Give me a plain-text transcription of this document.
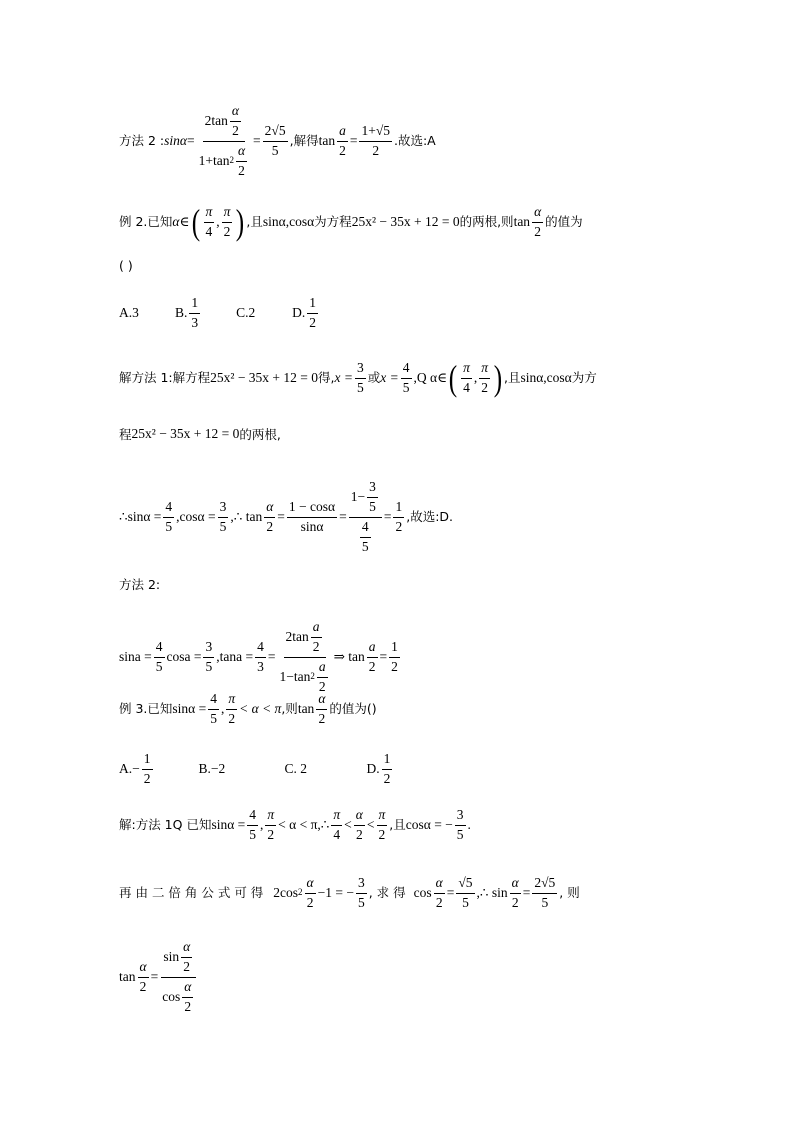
方法 2 : $\sin\alpha = \frac{2\tan \frac{\alpha}{2}}{1+\tan 2 \frac{\alpha}{2}} = \frac{2√5}{5}$ ,解得 $\tan \frac{a}{2} = \frac{1+√5}{2}$ .故选:A
例 2.已知 α∈ ( $\frac{\pi}{4}$ , $\frac{\pi}{2}$ ) ,且 sinα,cosα 为方程 25x² − 35x + 12 = 0 的两根,则 $\tan \frac{\alpha}{2}$ 的值为
( )
A.3	B. $\frac{1}{3}$	C.2	D. $\frac{1}{2}$
解方法 1:解方程 25x² − 35x + 12 = 0 得, $x = \frac{3}{5}$ 或 $x = \frac{4}{5} ,Q$ α∈ ( $\frac{\pi}{4}$ , $\frac{\pi}{2}$ ) ,且 sinα,cosα 为方
程 25x² − 35x + 12 = 0 的两根,
∴ $\sin\alpha = \frac{4}{5} ,\cos\alpha = \frac{3}{5}$ ,∴ $\tan \frac{\alpha}{2} = \frac{1 - \cos\alpha}{\sin\alpha} = \frac{1- \frac{3}{5}}{\frac{4}{5}} = \frac{1}{2}$ ,故选:D.
方法 2:
$\sin a = \frac{4}{5}$ $\cos a = \frac{3}{5} ,\tan a = \frac{4}{3} = \frac{2\tan \frac{a}{2}}{1-\tan 2 \frac{a}{2}}$ ⇒ $\tan \frac{a}{2} = \frac{1}{2}$
例 3.已知 $\sin\alpha = \frac{4}{5}$ , $\frac{\pi}{2} < \alpha < \pi$ ,则 $\tan \frac{\alpha}{2}$ 的值为()
$A.- \frac{1}{2}$	B.−2	C. 2	D. $\frac{1}{2}$
解:方法 1Q 已知 $\sin\alpha = \frac{4}{5}$ , $\frac{\pi}{2} < \alpha$ < π,∴ $\frac{\pi}{4} < \frac{\alpha}{2} < \frac{\pi}{2}$ ,且 cosα = − $\frac{3}{5}$ .
再 由 二 倍 角 公 式 可 得 2cos $2 \frac{\alpha}{2} -1$ = − $\frac{3}{5}$ , 求 得 $\cos \frac{\alpha}{2} = \frac{√5}{5}$ ,∴ $\sin \frac{\alpha}{2} = \frac{2√5}{5}$ , 则
$\tan \frac{\alpha}{2} = \frac{\sin \frac{\alpha}{2}}{\cos \frac{\alpha}{2}}$
